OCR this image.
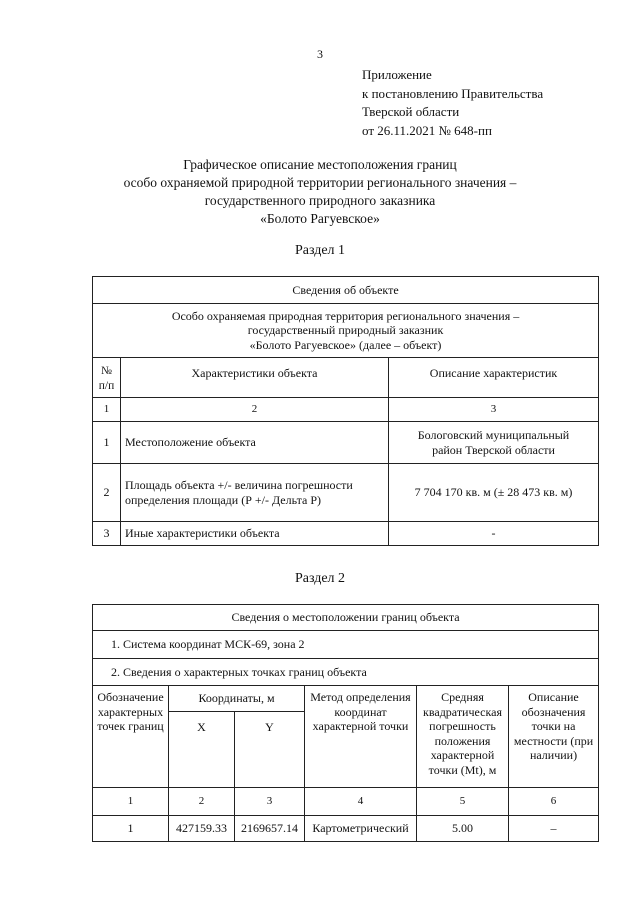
3
Приложение
к постановлению Правительства
Тверской области
от 26.11.2021 № 648-пп
Графическое описание местоположения границ
особо охраняемой природной территории регионального значения –
государственного природного заказника
«Болото Рагуевское»
Раздел 1
Сведения об объекте		

Особо охраняемая природная территория регионального значения –
государственный природный заказник
«Болото Рагуевское» (далее – объект)		

№ п/п	Характеристики объекта	Описание характеристик
1	2	3
1	Местоположение объекта	Бологовский муниципальный район Тверской области
2	Площадь объекта +/- величина погрешности определения площади (Р +/- Дельта Р)	7 704 170 кв. м (± 28 473 кв. м)
3	Иные характеристики объекта	-
Раздел 2
Сведения о местоположении границ объекта					
1. Система координат МСК-69, зона 2					
2. Сведения о характерных точках границ объекта					
Обозначение характерных точек границ	Координаты, м		Метод определения координат характерной точки	Средняя квадратическая погрешность положения характерной точки (Mt), м	Описание обозначения точки на местности (при наличии)
	X	Y			
1	2	3	4	5	6
1	427159.33	2169657.14	Картометрический	5.00	–
